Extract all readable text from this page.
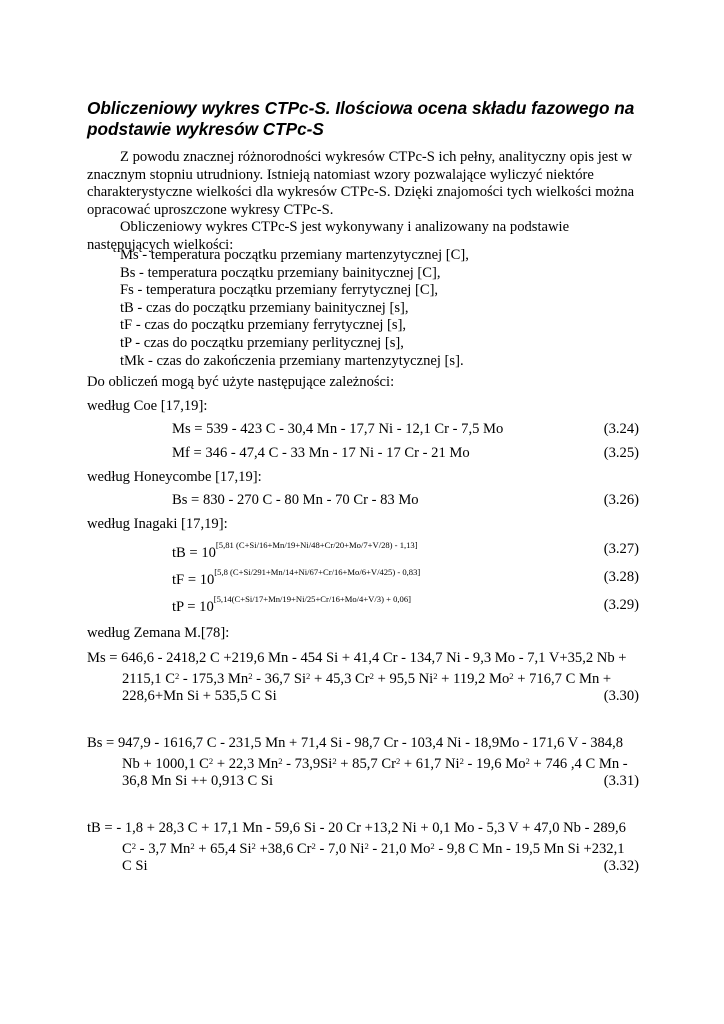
Obliczeniowy wykres CTPc-S. Ilościowa ocena składu fazowego na podstawie wykresów CTPc-S

Z powodu znacznej różnorodności wykresów CTPc-S ich pełny, analityczny opis jest w

znacznym stopniu utrudniony. Istnieją natomiast wzory pozwalające wyliczyć niektóre

charakterystyczne wielkości dla wykresów CTPc-S. Dzięki znajomości tych wielkości można

opracować uproszczone wykresy CTPc-S.

Obliczeniowy wykres CTPc-S jest wykonywany i analizowany na podstawie

następujących wielkości:

Ms - temperatura początku przemiany martenzytycznej [C],
Bs - temperatura początku przemiany bainitycznej [C],
Fs - temperatura początku przemiany ferrytycznej [C],
tB - czas do początku przemiany bainitycznej [s],
tF - czas do początku przemiany ferrytycznej [s],
tP - czas do początku przemiany perlitycznej [s],
tMk - czas do zakończenia przemiany martenzytycznej [s].
Do obliczeń mogą być użyte następujące zależności:
według Coe [17,19]:
Ms = 539 - 423 C - 30,4 Mn - 17,7 Ni - 12,1 Cr - 7,5 Mo	(3.24)
Mf = 346 - 47,4 C - 33 Mn - 17 Ni - 17 Cr - 21 Mo	(3.25)
według Honeycombe [17,19]:
Bs = 830 - 270 C - 80 Mn - 70 Cr - 83 Mo	(3.26)
według Inagaki [17,19]:
tB = 10[5,81 (C+Si/16+Mn/19+Ni/48+Cr/20+Mo/7+V/28) - 1,13]	(3.27)
tF = 10[5,8 (C+Si/291+Mn/14+Ni/67+Cr/16+Mo/6+V/425) - 0,83]	(3.28)
tP = 10[5,14(C+Si/17+Mn/19+Ni/25+Cr/16+Mo/4+V/3) + 0,06]	(3.29)
według Zemana M.[78]:
Ms = 646,6 - 2418,2 C +219,6 Mn - 454 Si + 41,4 Cr - 134,7 Ni - 9,3 Mo - 7,1 V+35,2 Nb +
2115,1 $C^2 - 175,3$ Mn$^2$ - 36,7 $Si^2 + 45,3$ $Cr^2 + 95,5$ $Ni^2 + 119,2$ $Mo^2 + 716,7$ C Mn +
228,6+Mn Si + 535,5 C Si	(3.30)
Bs = 947,9 - 1616,7 C - 231,5 Mn + 71,4 Si - 98,7 Cr - 103,4 Ni - 18,9Mo - 171,6 V - 384,8
Nb + 1000,1 $C^2 + 22,3$ $Mn^2 - 73,9Si^2 + 85,7$ $Cr^2 + 61,7$ Ni$^2$ - 19,6 $Mo^2 + 746$ ,4 C Mn -
36,8 Mn Si ++ 0,913 C Si	(3.31)
tB = - 1,8 + 28,3 C + 17,1 Mn - 59,6 Si - 20 Cr +13,2 Ni + 0,1 Mo - 5,3 V + 47,0 Nb - 289,6
$C^2 - 3,7$ $Mn^2 + 65,4$ $Si^2 +38,6$ Cr$^2$ - 7,0 Ni$^2$ - 21,0 Mo$^2$ - 9,8 C Mn - 19,5 Mn Si +232,1
C Si	(3.32)
